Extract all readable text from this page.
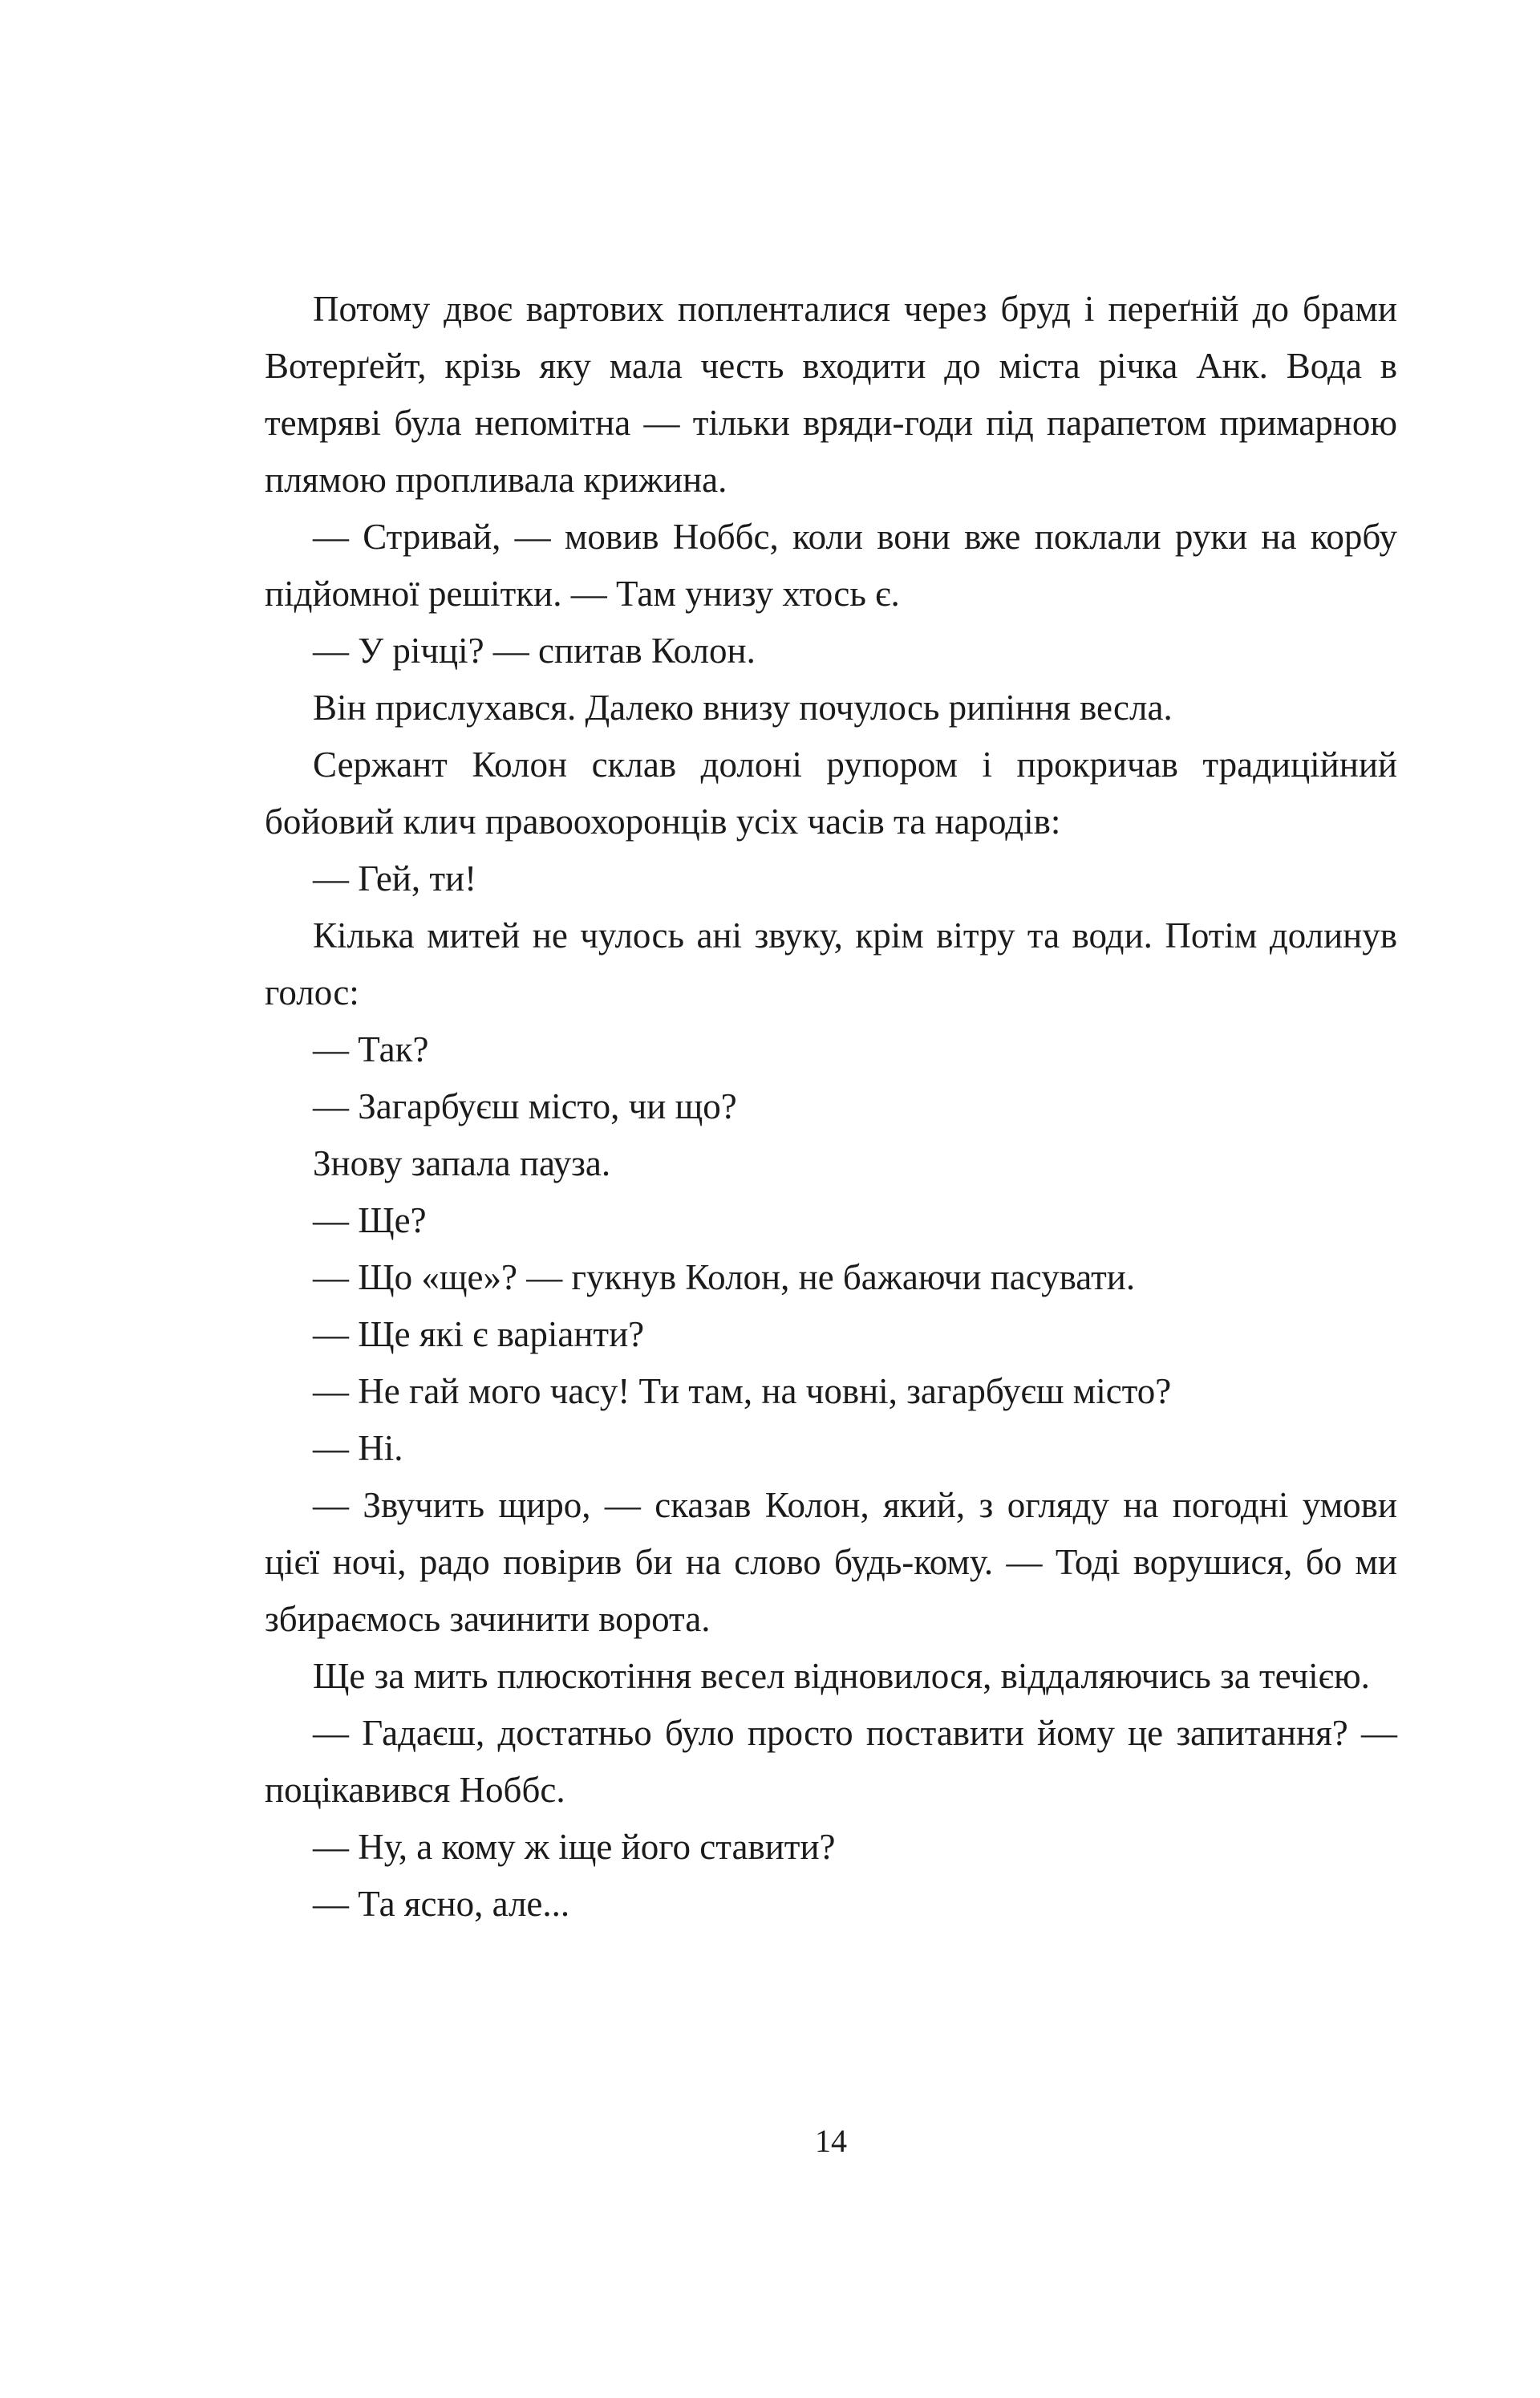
Потому двоє вартових попленталися через бруд і переґній до брами Вотерґейт, крізь яку мала честь входити до міста річка Анк. Вода в темряві була непомітна — тільки вряди-годи під парапетом примарною плямою пропливала крижина.

— Стривай, — мовив Ноббс, коли вони вже поклали руки на корбу підйомної решітки. — Там унизу хтось є.

— У річці? — спитав Колон.

Він прислухався. Далеко внизу почулось рипіння весла.

Сержант Колон склав долоні рупором і прокричав традиційний бойовий клич правоохоронців усіх часів та народів:

— Гей, ти!

Кілька митей не чулось ані звуку, крім вітру та води. Потім долинув голос:

— Так?

— Загарбуєш місто, чи що?

Знову запала пауза.

— Ще?

— Що «ще»? — гукнув Колон, не бажаючи пасувати.

— Ще які є варіанти?

— Не гай мого часу! Ти там, на човні, загарбуєш місто?

— Ні.

— Звучить щиро, — сказав Колон, який, з огляду на погодні умови цієї ночі, радо повірив би на слово будь-кому. — Тоді ворушися, бо ми збираємось зачинити ворота.

Ще за мить плюскотіння весел відновилося, віддаляючись за течією.

— Гадаєш, достатньо було просто поставити йому це запитання? — поцікавився Ноббс.

— Ну, а кому ж іще його ставити?

— Та ясно, але...

14
